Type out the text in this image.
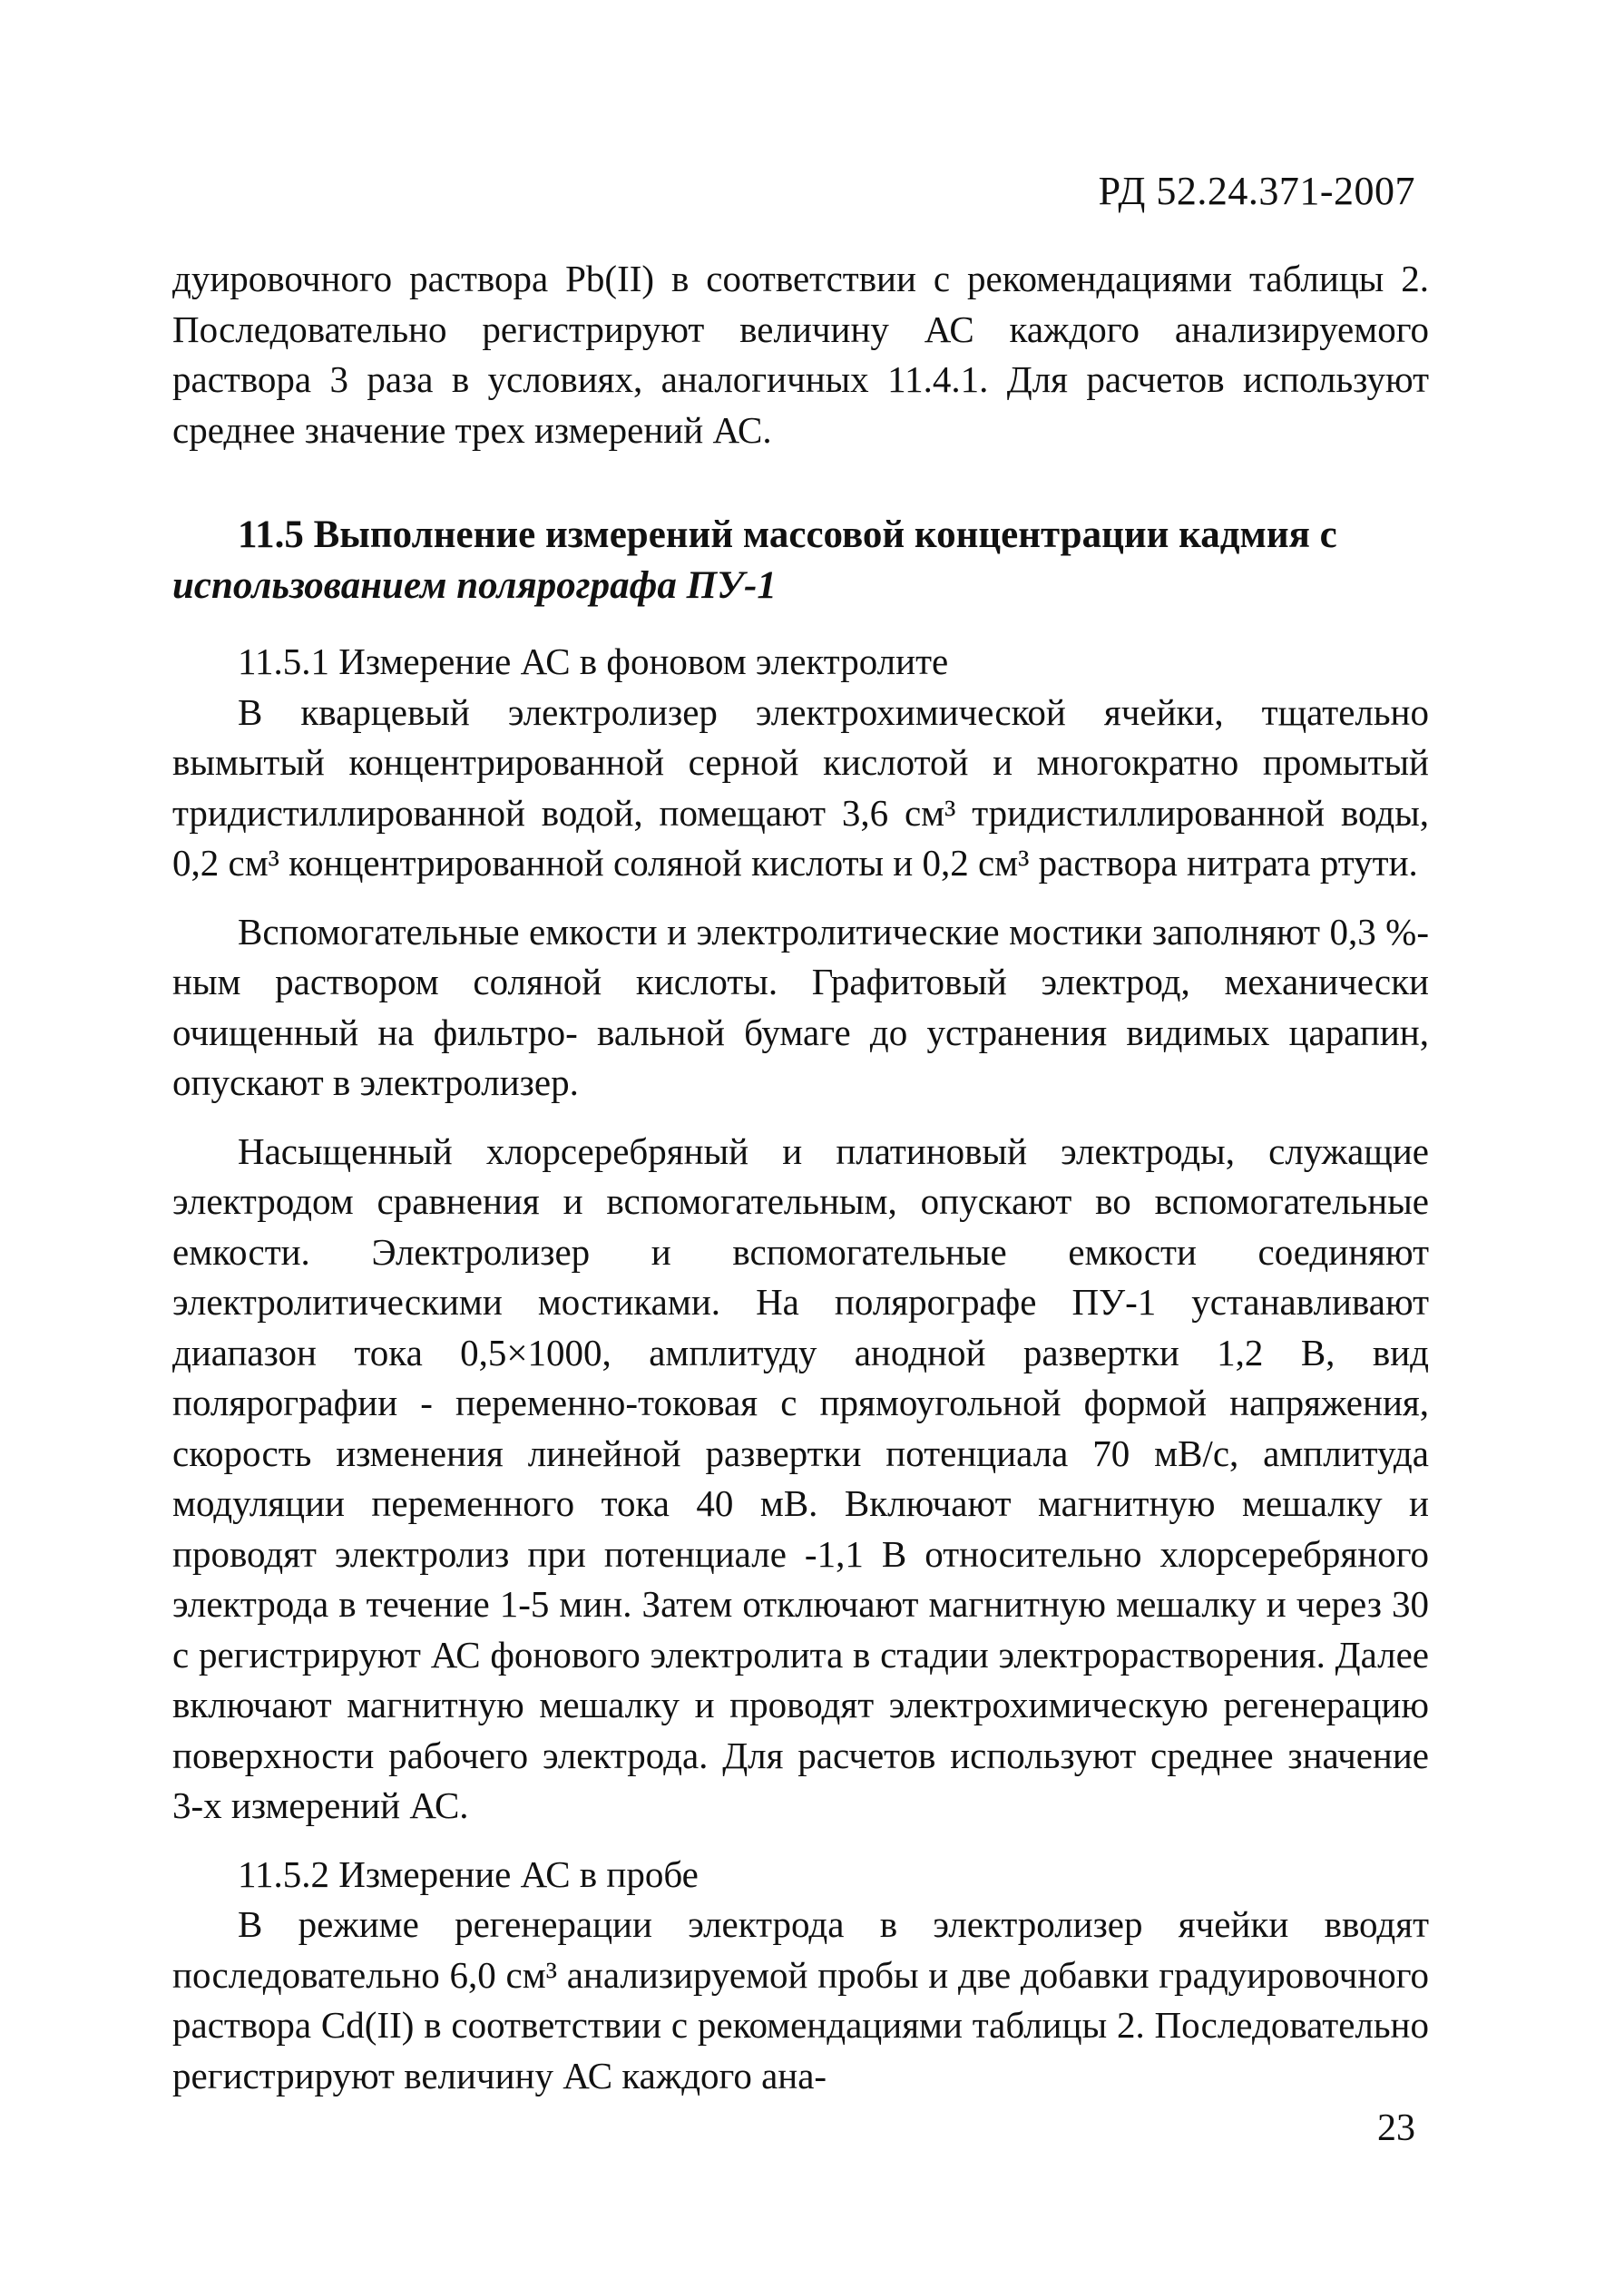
РД 52.24.371-2007

дуировочного раствора Pb(II) в соответствии с рекомендациями таблицы 2. Последовательно регистрируют величину АС каждого анализируемого раствора 3 раза в условиях, аналогичных 11.4.1. Для расчетов используют среднее значение трех измерений АС.

11.5 Выполнение измерений массовой концентрации кадмия с использованием полярографа ПУ-1

11.5.1 Измерение АС в фоновом электролите

В кварцевый электролизер электрохимической ячейки, тщательно вымытый концентрированной серной кислотой и многократно промытый тридистиллированной водой, помещают 3,6 см³ тридистиллированной воды, 0,2 см³ концентрированной соляной кислоты и 0,2 см³ раствора нитрата ртути.

Вспомогательные емкости и электролитические мостики заполняют 0,3 %-ным раствором соляной кислоты. Графитовый электрод, механически очищенный на фильтро- вальной бумаге до устранения видимых царапин, опускают в электролизер.

Насыщенный хлорсеребряный и платиновый электроды, служащие электродом сравнения и вспомогательным, опускают во вспомогательные емкости. Электролизер и вспомогательные емкости соединяют электролитическими мостиками. На полярографе ПУ-1 устанавливают диапазон тока 0,5×1000, амплитуду анодной развертки 1,2 В, вид полярографии - переменно-токовая с прямоугольной формой напряжения, скорость изменения линейной развертки потенциала 70 мВ/с, амплитуда модуляции переменного тока 40 мВ. Включают магнитную мешалку и проводят электролиз при потенциале -1,1 В относительно хлорсеребряного электрода в течение 1-5 мин. Затем отключают магнитную мешалку и через 30 с регистрируют АС фонового электролита в стадии электрорастворения. Далее включают магнитную мешалку и проводят электрохимическую регенерацию поверхности рабочего электрода. Для расчетов используют среднее значение 3-х измерений АС.

11.5.2 Измерение АС в пробе

В режиме регенерации электрода в электролизер ячейки вводят последовательно 6,0 см³ анализируемой пробы и две добавки градуировочного раствора Cd(II) в соответствии с рекомендациями таблицы 2. Последовательно регистрируют величину АС каждого ана-

23
